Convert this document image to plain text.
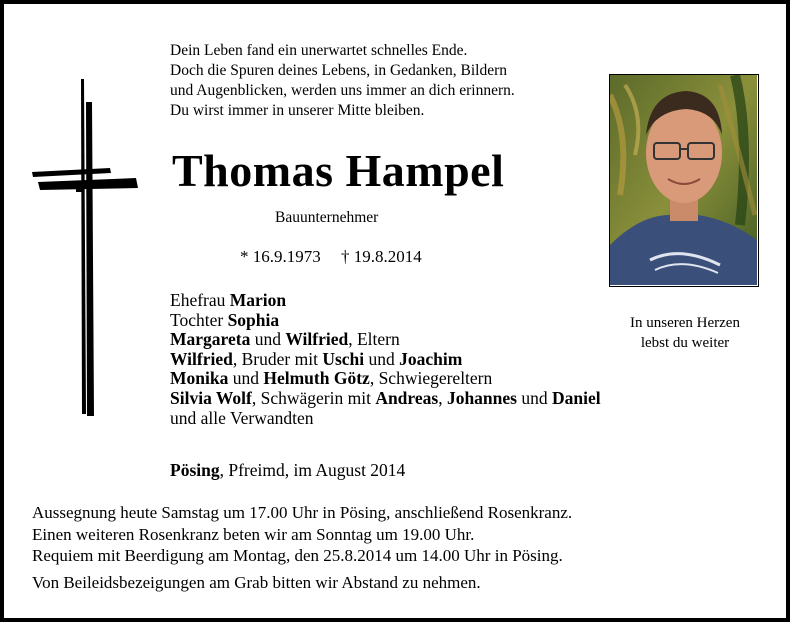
Dein Leben fand ein unerwartet schnelles Ende.
Doch die Spuren deines Lebens, in Gedanken, Bildern
und Augenblicken, werden uns immer an dich erinnern.
Du wirst immer in unserer Mitte bleiben.
Thomas Hampel
Bauunternehmer
* 16.9.1973 † 19.8.2014
Ehefrau Marion
Tochter Sophia
Margareta und Wilfried, Eltern
Wilfried, Bruder mit Uschi und Joachim
Monika und Helmuth Götz, Schwiegereltern
Silvia Wolf, Schwägerin mit Andreas, Johannes und Daniel
und alle Verwandten
Pösing, Pfreimd, im August 2014
In unseren Herzen
lebst du weiter
Aussegnung heute Samstag um 17.00 Uhr in Pösing, anschließend Rosenkranz.
Einen weiteren Rosenkranz beten wir am Sonntag um 19.00 Uhr.
Requiem mit Beerdigung am Montag, den 25.8.2014 um 14.00 Uhr in Pösing.
Von Beileidsbezeigungen am Grab bitten wir Abstand zu nehmen.
